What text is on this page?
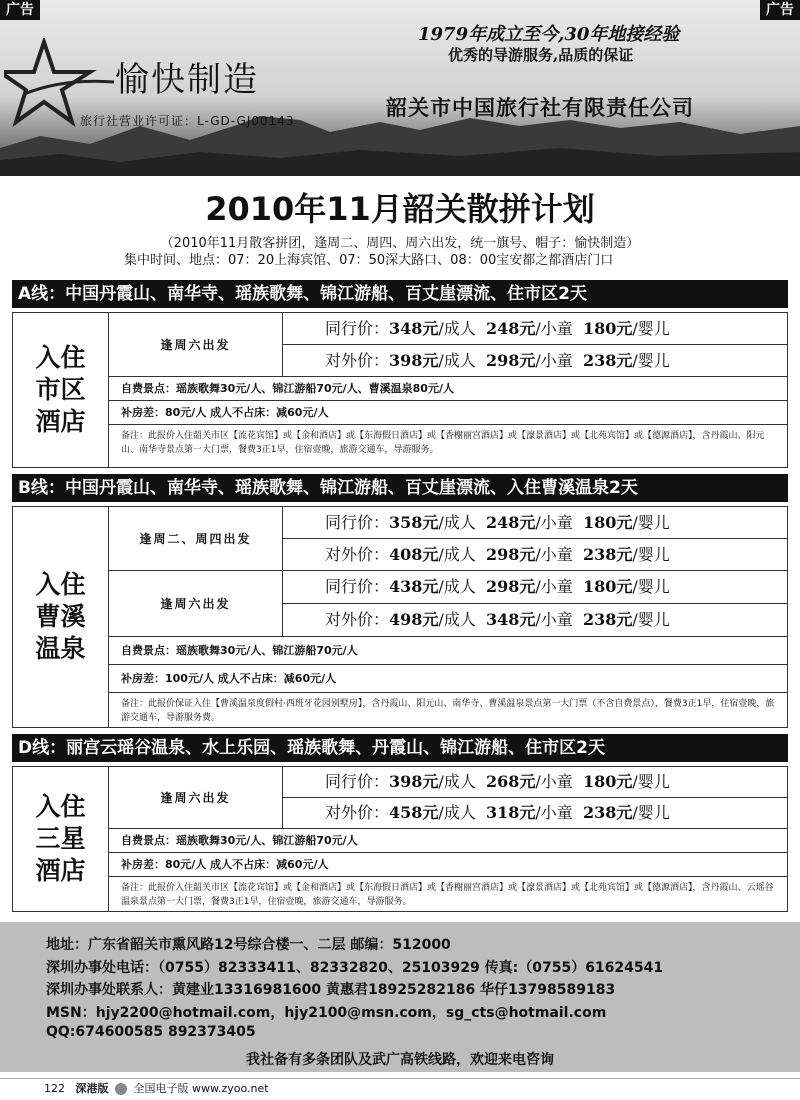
1979年成立至今,30年地接经验
优秀的导游服务,品质的保证
愉快制造
旅行社营业许可证：L-GD-GJ00143
韶关市中国旅行社有限责任公司
广告	广告
2010年11月韶关散拼计划
（2010年11月散客拼团，逢周二、周四、周六出发，统一旗号、帽子：愉快制造）
集中时间、地点：07：20上海宾馆、07：50深大路口、08：00宝安都之都酒店门口
A线：中国丹霞山、南华寺、瑶族歌舞、锦江游船、百丈崖漂流、住市区2天
入住
市区
酒店
逢周六出发
同行价：348元/成人 248元/小童 180元/婴儿
对外价：398元/成人 298元/小童 238元/婴儿
自费景点：瑶族歌舞30元/人、锦江游船70元/人、曹溪温泉80元/人
补房差：80元/人 成人不占床：减60元/人
备注：此报价入住韶关市区【流花宾馆】或【金和酒店】或【东海假日酒店】或【香榭丽宫酒店】或【濠景酒店】或【北苑宾馆】或【德源酒店】，含丹霞山、阳元山、南华寺景点第一大门票，餐费3正1早，住宿壹晚，旅游交通车，导游服务。
B线：中国丹霞山、南华寺、瑶族歌舞、锦江游船、百丈崖漂流、入住曹溪温泉2天
入住
曹溪
温泉
逢周二、周四出发
同行价：358元/成人 248元/小童 180元/婴儿
对外价：408元/成人 298元/小童 238元/婴儿
逢周六出发
同行价：438元/成人 298元/小童 180元/婴儿
对外价：498元/成人 348元/小童 238元/婴儿
自费景点：瑶族歌舞30元/人、锦江游船70元/人
补房差：100元/人 成人不占床：减60元/人
备注：此报价保证入住【曹溪温泉度假村·西班牙花园别墅房】，含丹霞山、阳元山、南华寺、曹溪温泉景点第一大门票（不含自费景点），餐费3正1早，住宿壹晚，旅游交通车，导游服务费。
D线：丽宫云瑶谷温泉、水上乐园、瑶族歌舞、丹霞山、锦江游船、住市区2天
入住
三星
酒店
逢周六出发
同行价：398元/成人 268元/小童 180元/婴儿
对外价：458元/成人 318元/小童 238元/婴儿
自费景点：瑶族歌舞30元/人、锦江游船70元/人
补房差：80元/人 成人不占床：减60元/人
备注：此报价入住韶关市区【流花宾馆】或【金和酒店】或【东海假日酒店】或【香榭丽宫酒店】或【濠景酒店】或【北苑宾馆】或【德源酒店】，含丹霞山、云瑶谷温泉景点第一大门票，餐费3正1早，住宿壹晚，旅游交通车，导游服务。
地址：广东省韶关市熏风路12号综合楼一、二层 邮编：512000
深圳办事处电话：（0755）82333411、82332820、25103929 传真:（0755）61624541
深圳办事处联系人：黄建业13316981600 黄惠君18925282186 华仔13798589183
MSN：hjy2200@hotmail.com，hjy2100@msn.com，sg_cts@hotmail.com
QQ:674600585 892373405
我社备有多条团队及武广高铁线路，欢迎来电咨询
122 深港版 全国电子版 www.zyoo.net
